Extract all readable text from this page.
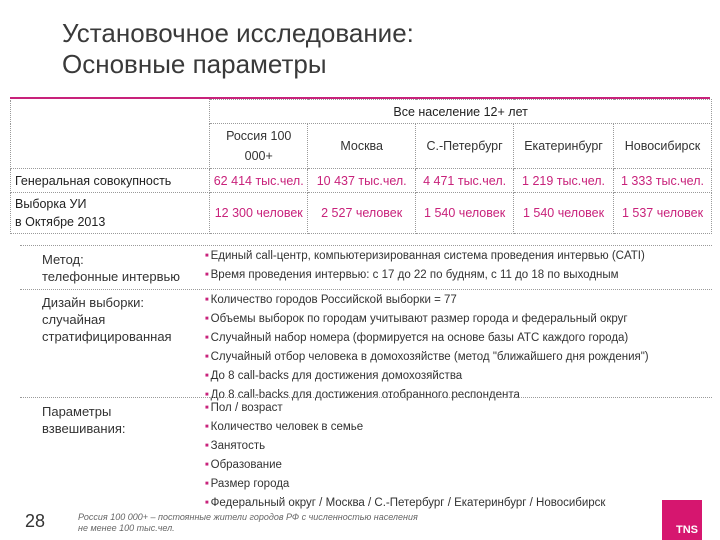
Установочное исследование:
Основные параметры
	Все население 12+ лет				
	Россия 100 000+	Москва	С.-Петербург	Екатеринбург	Новосибирск
Генеральная совокупность	62 414 тыс.чел.	10 437 тыс.чел.	4 471 тыс.чел.	1 219 тыс.чел.	1 333 тыс.чел.

Выборка УИ
в Октябре 2013	12 300 человек	2 527 человек	1 540 человек	1 540 человек	1 537 человек
Метод:
телефонные интервью
■ Единый call-центр, компьютеризированная система проведения интервью (CATI)
■ Время проведения интервью: с 17 до 22 по будням, с 11 до 18 по выходным
Дизайн выборки:
случайная
стратифицированная
■ Количество городов Российской выборки = 77
■ Объемы выборок по городам учитывают размер города и федеральный округ
■ Случайный набор номера (формируется на основе базы АТС каждого города)
■ Случайный отбор человека в домохозяйстве (метод "ближайшего дня рождения")
■ До 8 call-backs для достижения домохозяйства
■ До 8 call-backs для достижения отобранного респондента
Параметры
взвешивания:
■ Пол / возраст
■ Количество человек в семье
■ Занятость
■ Образование
■ Размер города
■ Федеральный округ / Москва / С.-Петербург / Екатеринбург / Новосибирск
28	Россия 100 000+ – постоянные жители городов РФ с численностью населения
не менее 100 тыс.чел.	TNS
